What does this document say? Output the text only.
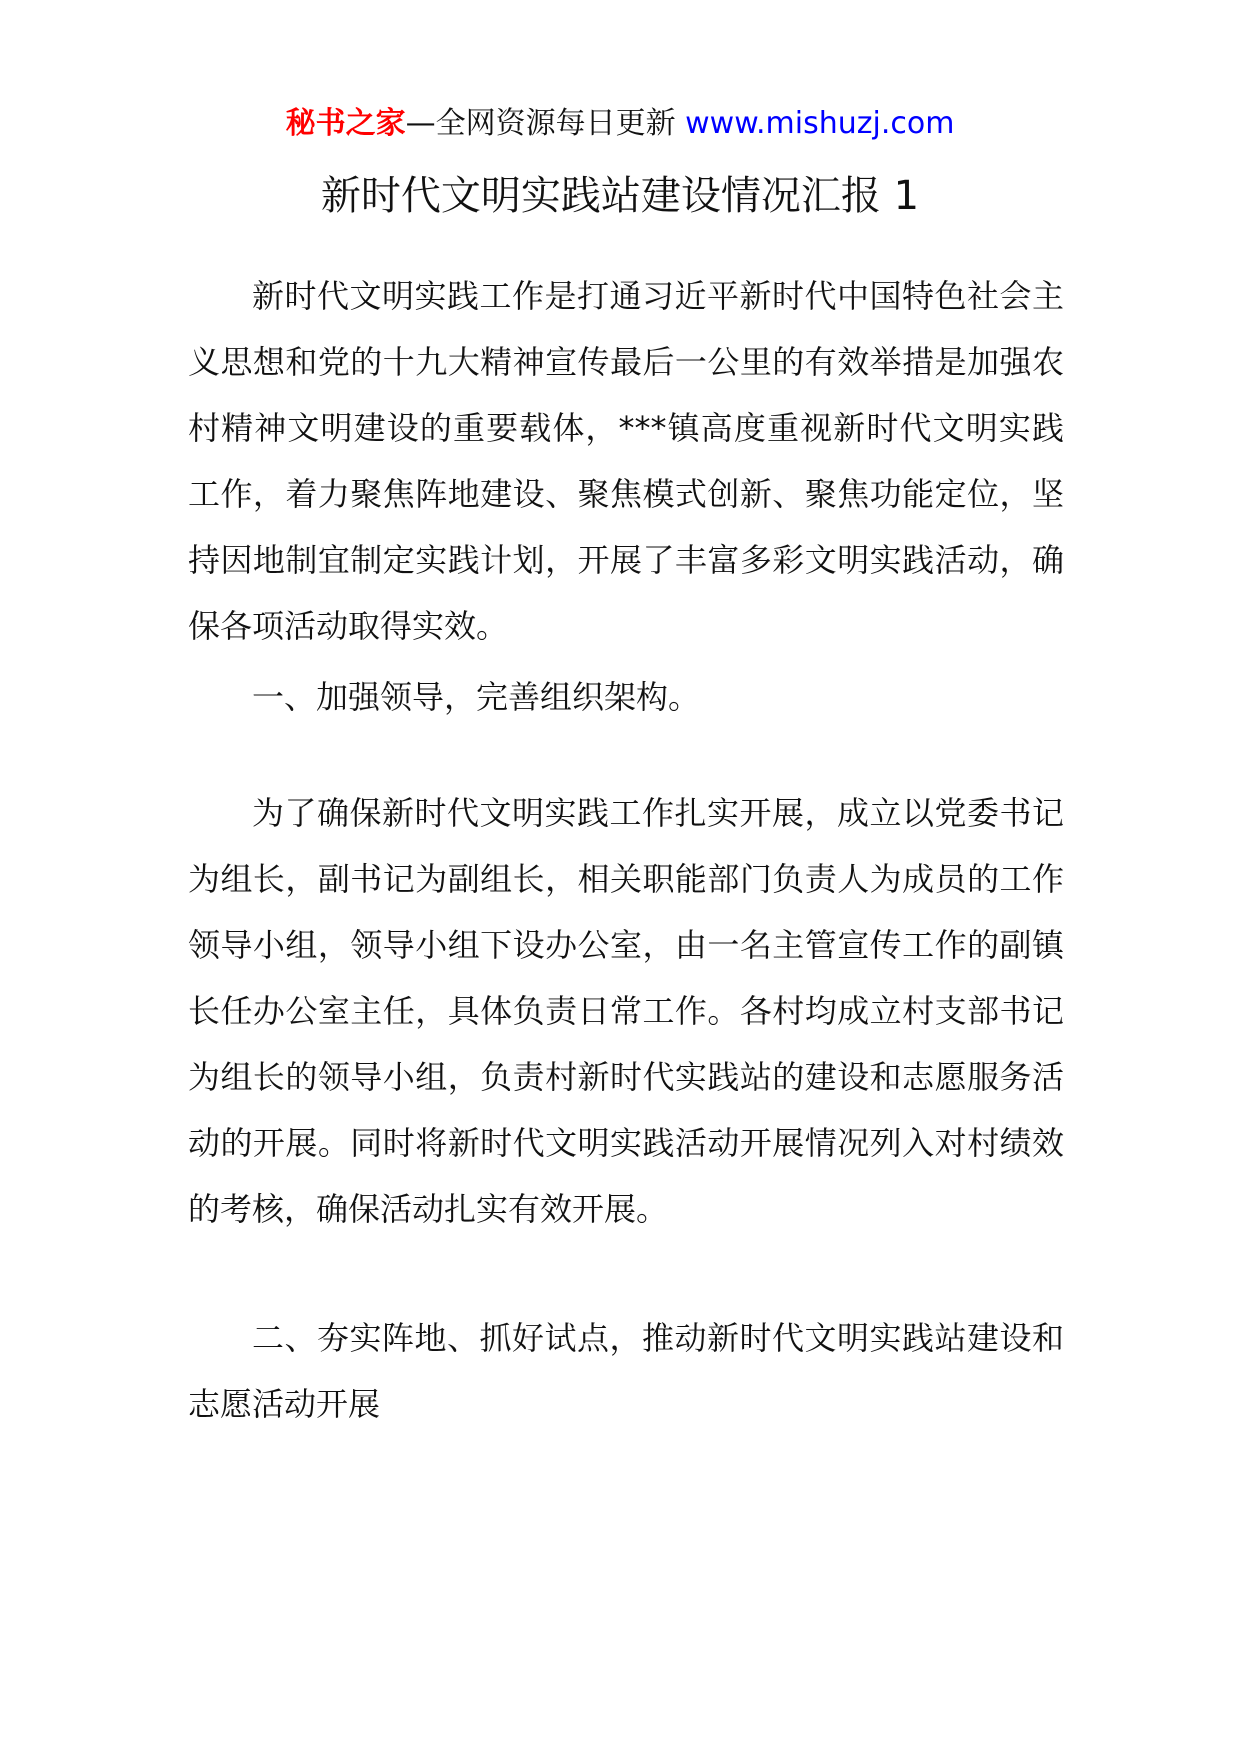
秘书之家—全网资源每日更新 www.mishuzj.com
新时代文明实践站建设情况汇报 1

新时代文明实践工作是打通习近平新时代中国特色社会主义思想和党的十九大精神宣传最后一公里的有效举措是加强农村精神文明建设的重要载体，***镇高度重视新时代文明实践工作，着力聚焦阵地建设、聚焦模式创新、聚焦功能定位，坚持因地制宜制定实践计划，开展了丰富多彩文明实践活动，确保各项活动取得实效。

一、加强领导，完善组织架构。

为了确保新时代文明实践工作扎实开展，成立以党委书记为组长，副书记为副组长，相关职能部门负责人为成员的工作领导小组，领导小组下设办公室，由一名主管宣传工作的副镇长任办公室主任，具体负责日常工作。各村均成立村支部书记为组长的领导小组，负责村新时代实践站的建设和志愿服务活动的开展。同时将新时代文明实践活动开展情况列入对村绩效的考核，确保活动扎实有效开展。

二、夯实阵地、抓好试点，推动新时代文明实践站建设和志愿活动开展
